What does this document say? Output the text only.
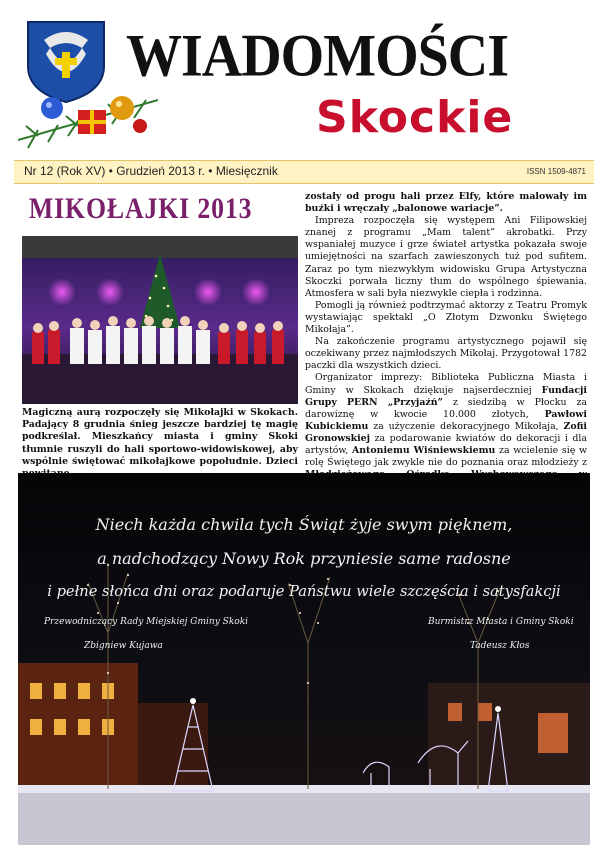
WIADOMOŚCI
Skockie
Nr 12 (Rok XV) • Grudzień 2013 r. • Miesięcznik	ISSN 1509-4871
MIKOŁAJKI 2013
Magiczną aurą rozpoczęły się Mikołajki w Skokach. Padający 8 grudnia śnieg jeszcze bardziej tę magię podkreślał. Mieszkańcy miasta i gminy Skoki tłumnie ruszyli do hali sportowo-widowiskowej, aby wspólnie świętować mikołajkowe popołudnie. Dzieci

zostały od progu hali przez Elfy, które malowały im buźki i wręczały „balonowe wariacje”.

Impreza rozpoczęła się występem Ani Filipowskiej znanej z programu „Mam talent” akrobatki. Przy wspaniałej muzyce i grze świateł artystka pokazała swoje umiejętności na szarfach zawieszonych tuż pod sufitem. Zaraz po tym niezwykłym widowisku Grupa Artystyczna Skoczki porwała liczny tłum do wspólnego śpiewania. Atmosfera w sali była niezwykle ciepła i rodzinna.

Pomogli ją również podtrzymać aktorzy z Teatru Promyk wystawiając spektakl „O Złotym Dzwonku Świętego Mikołaja”.

Na zakończenie programu artystycznego pojawił się oczekiwany przez najmłodszych Mikołaj. Przygotował 1782 paczki dla wszystkich dzieci.

Organizator imprezy: Biblioteka Publiczna Miasta i Gminy w Skokach dziękuje najserdeczniej Fundacji Grupy PERN „Przyjaźń” z siedzibą w Płocku za darowiznę w kwocie 10.000 złotych, Pawłowi Kubickiemu za użyczenie dekoracyjnego Mikołaja, Zofii Gronowskiej za podarowanie kwiatów do dekoracji i dla artystów, Antoniemu Wiśniewskiemu za wcielenie się w rolę Świętego jak zwykle nie do poznania oraz młodzieży z

Niech każda chwila tych Świąt żyje swym pięknem,
a nadchodzący Nowy Rok przyniesie same radosne
i pełne słońca dni oraz podaruje Państwu wiele szczęścia i satysfakcji
Przewodniczący Rady Miejskiej Gminy Skoki
Zbigniew Kujawa
Burmistrz Miasta i Gminy Skoki
Tadeusz Kłos
